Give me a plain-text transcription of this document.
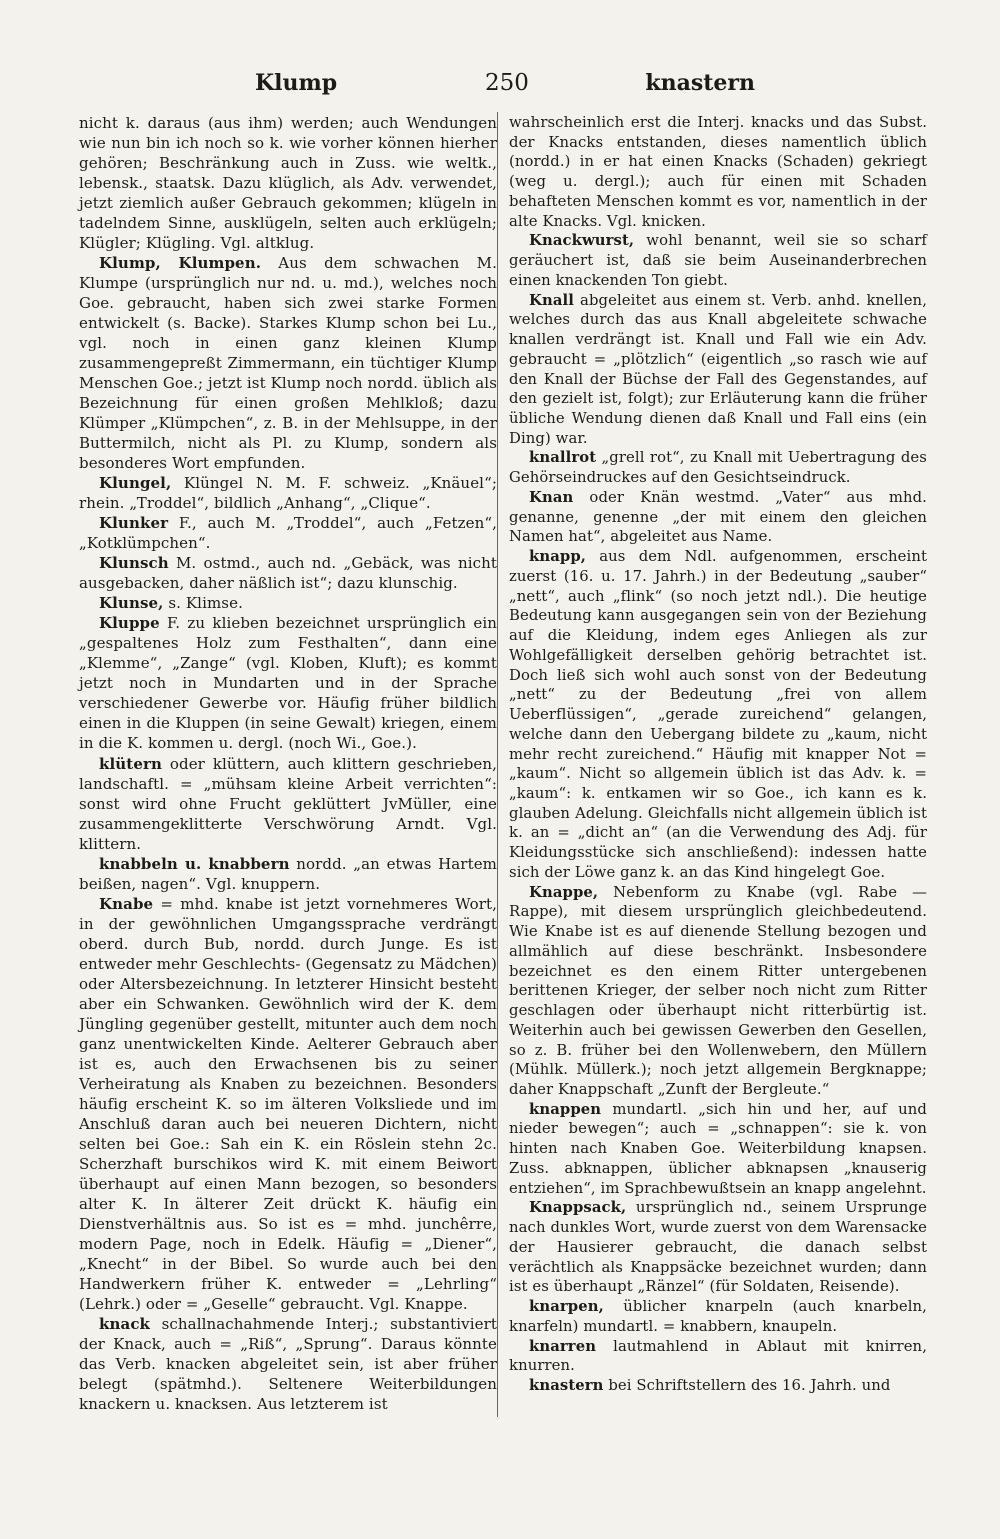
Klump	250	knastern

nicht k. daraus (aus ihm) werden; auch Wendungen wie nun bin ich noch so k. wie vorher können hierher gehören; Beschränkung auch in Zuss. wie weltk., lebensk., staatsk. Dazu klüglich, als Adv. verwendet, jetzt ziemlich außer Gebrauch gekommen; klügeln in tadelndem Sinne, ausklügeln, selten auch erklügeln; Klügler; Klügling. Vgl. altklug.

Klump, Klumpen. Aus dem schwachen M. Klumpe (ursprünglich nur nd. u. md.), welches noch Goe. gebraucht, haben sich zwei starke Formen entwickelt (s. Backe). Starkes Klump schon bei Lu., vgl. noch in einen ganz kleinen Klump zusammengepreßt Zimmermann, ein tüchtiger Klump Menschen Goe.; jetzt ist Klump noch nordd. üblich als Bezeichnung für einen großen Mehlkloß; dazu Klümper „Klümpchen“, z. B. in der Mehlsuppe, in der Buttermilch, nicht als Pl. zu Klump, sondern als besonderes Wort empfunden.

Klungel, Klüngel N. M. F. schweiz. „Knäuel“; rhein. „Troddel“, bildlich „Anhang“, „Clique“.

Klunker F., auch M. „Troddel“, auch „Fetzen“, „Kotklümpchen“.

Klunsch M. ostmd., auch nd. „Gebäck, was nicht ausgebacken, daher näßlich ist“; dazu klunschig.

Klunse, s. Klimse.

Kluppe F. zu klieben bezeichnet ursprünglich ein „gespaltenes Holz zum Festhalten“, dann eine „Klemme“, „Zange“ (vgl. Kloben, Kluft); es kommt jetzt noch in Mundarten und in der Sprache verschiedener Gewerbe vor. Häufig früher bildlich einen in die Kluppen (in seine Gewalt) kriegen, einem in die K. kommen u. dergl. (noch Wi., Goe.).

klütern oder klüttern, auch klittern geschrieben, landschaftl. = „mühsam kleine Arbeit verrichten“: sonst wird ohne Frucht geklüttert JvMüller, eine zusammengeklitterte Verschwörung Arndt. Vgl. klittern.

knabbeln u. knabbern nordd. „an etwas Hartem beißen, nagen“. Vgl. knuppern.

Knabe = mhd. knabe ist jetzt vornehmeres Wort, in der gewöhnlichen Umgangssprache verdrängt oberd. durch Bub, nordd. durch Junge. Es ist entweder mehr Geschlechts- (Gegensatz zu Mädchen) oder Altersbezeichnung. In letzterer Hinsicht besteht aber ein Schwanken. Gewöhnlich wird der K. dem Jüngling gegenüber gestellt, mitunter auch dem noch ganz unentwickelten Kinde. Aelterer Gebrauch aber ist es, auch den Erwachsenen bis zu seiner Verheiratung als Knaben zu bezeichnen. Besonders häufig erscheint K. so im älteren Volksliede und im Anschluß daran auch bei neueren Dichtern, nicht selten bei Goe.: Sah ein K. ein Röslein stehn 2c. Scherzhaft burschikos wird K. mit einem Beiwort überhaupt auf einen Mann bezogen, so besonders alter K. In älterer Zeit drückt K. häufig ein Dienstverhältnis aus. So ist es = mhd. junchêrre, modern Page, noch in Edelk. Häufig = „Diener“, „Knecht“ in der Bibel. So wurde auch bei den Handwerkern früher K. entweder = „Lehrling“ (Lehrk.) oder = „Geselle“ gebraucht. Vgl. Knappe.

knack schallnachahmende Interj.; substantiviert der Knack, auch = „Riß“, „Sprung“. Daraus könnte das Verb. knacken abgeleitet sein, ist aber früher belegt (spätmhd.). Seltenere Weiterbildungen knackern u. knacksen. Aus letzterem ist

wahrscheinlich erst die Interj. knacks und das Subst. der Knacks entstanden, dieses namentlich üblich (nordd.) in er hat einen Knacks (Schaden) gekriegt (weg u. dergl.); auch für einen mit Schaden behafteten Menschen kommt es vor, namentlich in der alte Knacks. Vgl. knicken.

Knackwurst, wohl benannt, weil sie so scharf geräuchert ist, daß sie beim Auseinanderbrechen einen knackenden Ton giebt.

Knall abgeleitet aus einem st. Verb. anhd. knellen, welches durch das aus Knall abgeleitete schwache knallen verdrängt ist. Knall und Fall wie ein Adv. gebraucht = „plötzlich“ (eigentlich „so rasch wie auf den Knall der Büchse der Fall des Gegenstandes, auf den gezielt ist, folgt); zur Erläuterung kann die früher übliche Wendung dienen daß Knall und Fall eins (ein Ding) war.

knallrot „grell rot“, zu Knall mit Uebertragung des Gehörseindruckes auf den Gesichtseindruck.

Knan oder Knän westmd. „Vater“ aus mhd. genanne, genenne „der mit einem den gleichen Namen hat“, abgeleitet aus Name.

knapp, aus dem Ndl. aufgenommen, erscheint zuerst (16. u. 17. Jahrh.) in der Bedeutung „sauber“ „nett“, auch „flink“ (so noch jetzt ndl.). Die heutige Bedeutung kann ausgegangen sein von der Beziehung auf die Kleidung, indem eges Anliegen als zur Wohlgefälligkeit derselben gehörig betrachtet ist. Doch ließ sich wohl auch sonst von der Bedeutung „nett“ zu der Bedeutung „frei von allem Ueberflüssigen“, „gerade zureichend“ gelangen, welche dann den Uebergang bildete zu „kaum, nicht mehr recht zureichend.“ Häufig mit knapper Not = „kaum“. Nicht so allgemein üblich ist das Adv. k. = „kaum“: k. entkamen wir so Goe., ich kann es k. glauben Adelung. Gleichfalls nicht allgemein üblich ist k. an = „dicht an“ (an die Verwendung des Adj. für Kleidungsstücke sich anschließend): indessen hatte sich der Löwe ganz k. an das Kind hingelegt Goe.

Knappe, Nebenform zu Knabe (vgl. Rabe — Rappe), mit diesem ursprünglich gleichbedeutend. Wie Knabe ist es auf dienende Stellung bezogen und allmählich auf diese beschränkt. Insbesondere bezeichnet es den einem Ritter untergebenen berittenen Krieger, der selber noch nicht zum Ritter geschlagen oder überhaupt nicht ritterbürtig ist. Weiterhin auch bei gewissen Gewerben den Gesellen, so z. B. früher bei den Wollenwebern, den Müllern (Mühlk. Müllerk.); noch jetzt allgemein Bergknappe; daher Knappschaft „Zunft der Bergleute.“

knappen mundartl. „sich hin und her, auf und nieder bewegen“; auch = „schnappen“: sie k. von hinten nach Knaben Goe. Weiterbildung knapsen. Zuss. abknappen, üblicher abknapsen „knauserig entziehen“, im Sprachbewußtsein an knapp angelehnt.

Knappsack, ursprünglich nd., seinem Ursprunge nach dunkles Wort, wurde zuerst von dem Warensacke der Hausierer gebraucht, die danach selbst verächtlich als Knappsäcke bezeichnet wurden; dann ist es überhaupt „Ränzel“ (für Soldaten, Reisende).

knarpen, üblicher knarpeln (auch knarbeln, knarfeln) mundartl. = knabbern, knaupeln.

knarren lautmahlend in Ablaut mit knirren, knurren.

knastern bei Schriftstellern des 16. Jahrh. und
